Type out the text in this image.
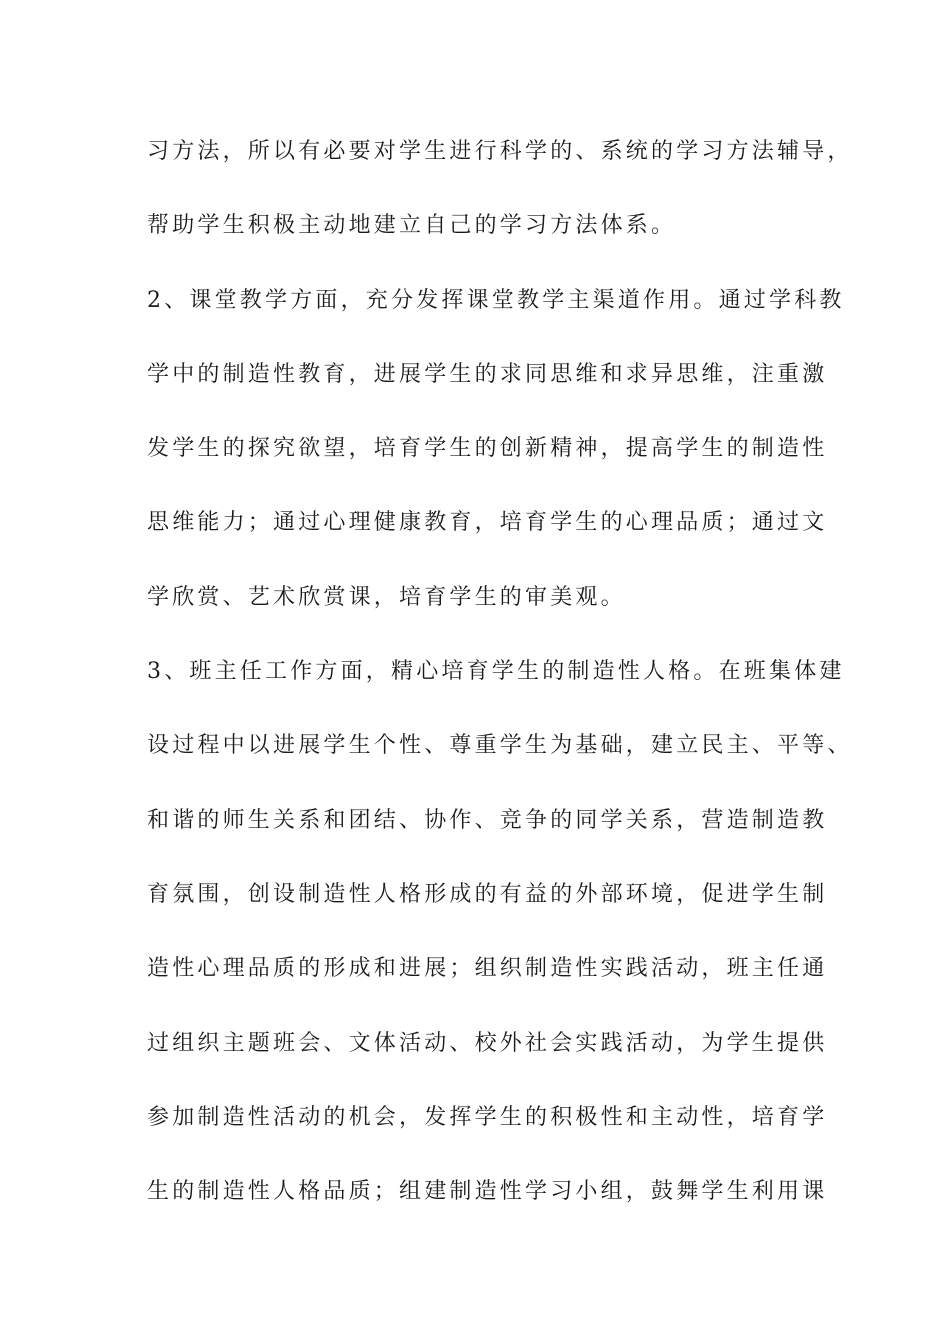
习方法，所以有必要对学生进行科学的、系统的学习方法辅导，
帮助学生积极主动地建立自己的学习方法体系。
2、课堂教学方面，充分发挥课堂教学主渠道作用。通过学科教
学中的制造性教育，进展学生的求同思维和求异思维，注重激
发学生的探究欲望，培育学生的创新精神，提高学生的制造性
思维能力；通过心理健康教育，培育学生的心理品质；通过文
学欣赏、艺术欣赏课，培育学生的审美观。
3、班主任工作方面，精心培育学生的制造性人格。在班集体建
设过程中以进展学生个性、尊重学生为基础，建立民主、平等、
和谐的师生关系和团结、协作、竞争的同学关系，营造制造教
育氛围，创设制造性人格形成的有益的外部环境，促进学生制
造性心理品质的形成和进展；组织制造性实践活动，班主任通
过组织主题班会、文体活动、校外社会实践活动，为学生提供
参加制造性活动的机会，发挥学生的积极性和主动性，培育学
生的制造性人格品质；组建制造性学习小组，鼓舞学生利用课
